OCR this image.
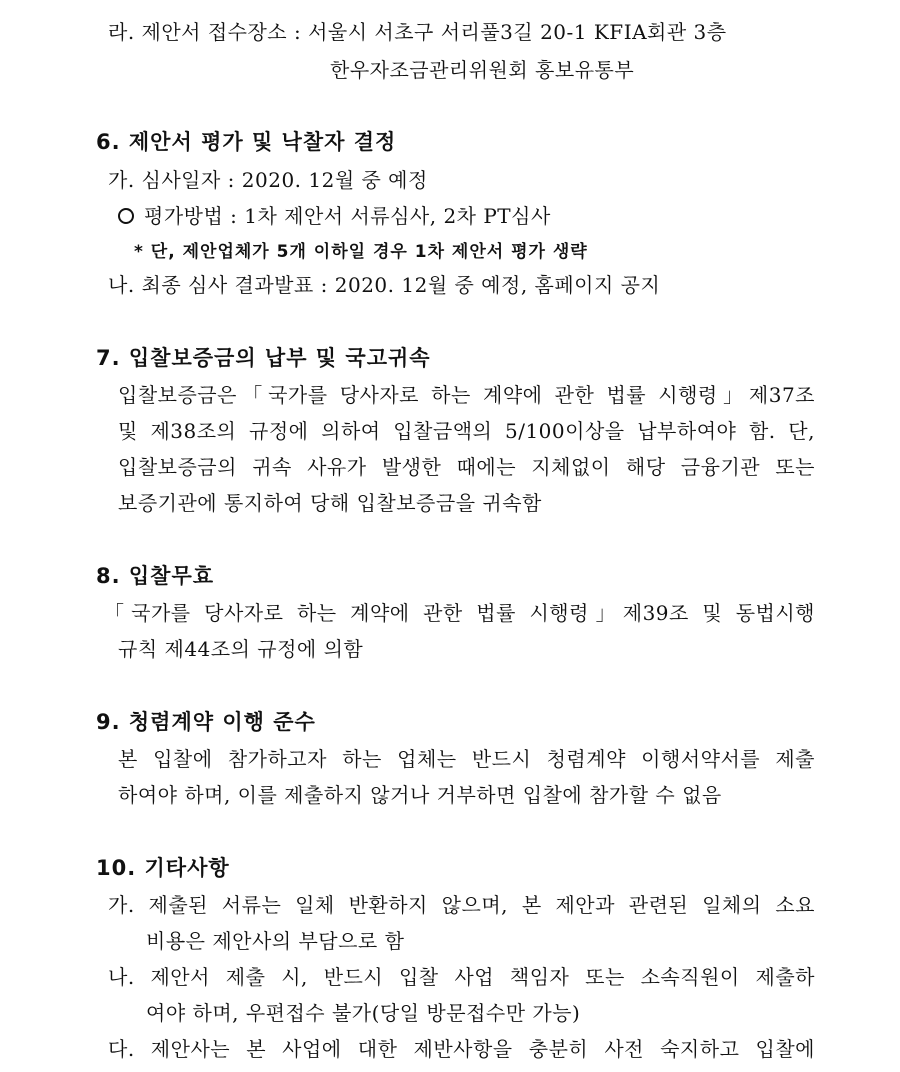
라. 제안서 접수장소 : 서울시 서초구 서리풀3길 20-1 KFIA회관 3층
한우자조금관리위원회 홍보유통부
6. 제안서 평가 및 낙찰자 결정
가. 심사일자 : 2020. 12월 중 예정
평가방법 : 1차 제안서 서류심사, 2차 PT심사
* 단, 제안업체가 5개 이하일 경우 1차 제안서 평가 생략
나. 최종 심사 결과발표 : 2020. 12월 중 예정, 홈페이지 공지
7. 입찰보증금의 납부 및 국고귀속
입찰보증금은「국가를 당사자로 하는 계약에 관한 법률 시행령」제37조
및 제38조의 규정에 의하여 입찰금액의 5/100이상을 납부하여야 함. 단,
입찰보증금의 귀속 사유가 발생한 때에는 지체없이 해당 금융기관 또는
보증기관에 통지하여 당해 입찰보증금을 귀속함
8. 입찰무효
「국가를 당사자로 하는 계약에 관한 법률 시행령」제39조 및 동법시행
규칙 제44조의 규정에 의함
9. 청렴계약 이행 준수
본 입찰에 참가하고자 하는 업체는 반드시 청렴계약 이행서약서를 제출
하여야 하며, 이를 제출하지 않거나 거부하면 입찰에 참가할 수 없음
10. 기타사항
가. 제출된 서류는 일체 반환하지 않으며, 본 제안과 관련된 일체의 소요
비용은 제안사의 부담으로 함
나. 제안서 제출 시, 반드시 입찰 사업 책임자 또는 소속직원이 제출하
여야 하며, 우편접수 불가(당일 방문접수만 가능)
다. 제안사는 본 사업에 대한 제반사항을 충분히 사전 숙지하고 입찰에
